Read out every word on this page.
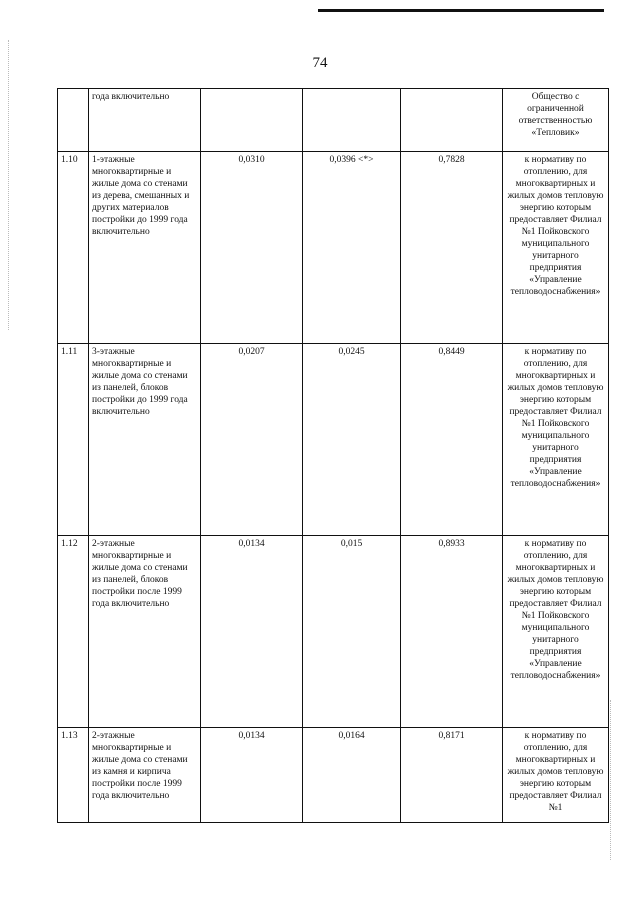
74
	года включительно				Общество с ограниченной ответственностью «Тепловик»
1.10	1-этажные многоквартирные и жилые дома со стенами из дерева, смешанных и других материалов постройки до 1999 года включительно	0,0310	0,0396 <*>	0,7828	к нормативу по отоплению, для многоквартирных и жилых домов тепловую энергию которым предоставляет Филиал №1 Пойковского муниципального унитарного предприятия «Управление тепловодоснабжения»
1.11	3-этажные многоквартирные и жилые дома со стенами из панелей, блоков постройки до 1999 года включительно	0,0207	0,0245	0,8449	к нормативу по отоплению, для многоквартирных и жилых домов тепловую энергию которым предоставляет Филиал №1 Пойковского муниципального унитарного предприятия «Управление тепловодоснабжения»
1.12	2-этажные многоквартирные и жилые дома со стенами из панелей, блоков постройки после 1999 года включительно	0,0134	0,015	0,8933	к нормативу по отоплению, для многоквартирных и жилых домов тепловую энергию которым предоставляет Филиал №1 Пойковского муниципального унитарного предприятия «Управление тепловодоснабжения»
1.13	2-этажные многоквартирные и жилые дома со стенами из камня и кирпича постройки после 1999 года включительно	0,0134	0,0164	0,8171	к нормативу по отоплению, для многоквартирных и жилых домов тепловую энергию которым предоставляет Филиал №1
